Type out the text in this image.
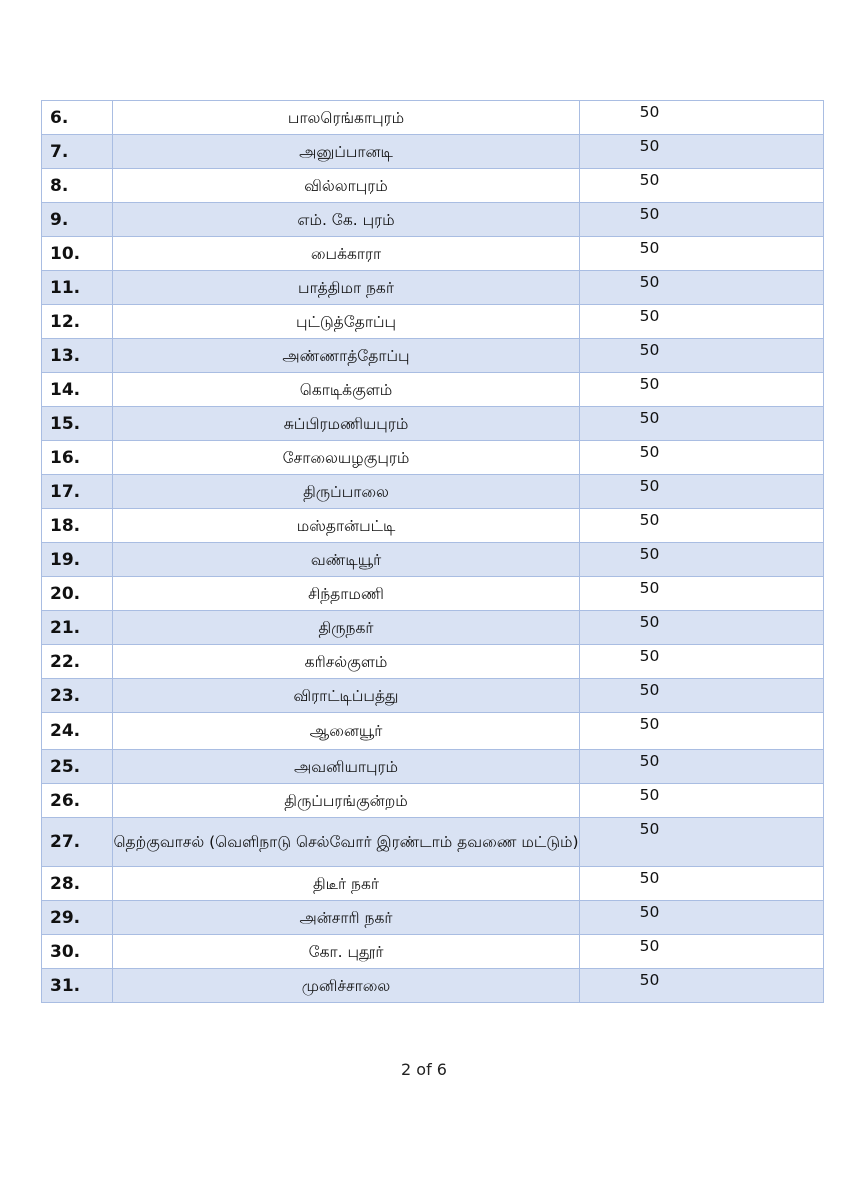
6.	பாலரெங்காபுரம்	50
7.	அனுப்பானடி	50
8.	வில்லாபுரம்	50
9.	எம். கே. புரம்	50
10.	பைக்காரா	50
11.	பாத்திமா நகர்	50
12.	புட்டுத்தோப்பு	50
13.	அண்ணாத்தோப்பு	50
14.	கொடிக்குளம்	50
15.	சுப்பிரமணியபுரம்	50
16.	சோலையழகுபுரம்	50
17.	திருப்பாலை	50
18.	மஸ்தான்பட்டி	50
19.	வண்டியூர்	50
20.	சிந்தாமணி	50
21.	திருநகர்	50
22.	கரிசல்குளம்	50
23.	விராட்டிப்பத்து	50
24.	ஆனையூர்	50
25.	அவனியாபுரம்	50
26.	திருப்பரங்குன்றம்	50
27.	தெற்குவாசல் (வெளிநாடு செல்வோர் இரண்டாம் தவணை மட்டும்)	50
28.	திடீர் நகர்	50
29.	அன்சாரி நகர்	50
30.	கோ. புதூர்	50
31.	முனிச்சாலை	50
2 of 6
